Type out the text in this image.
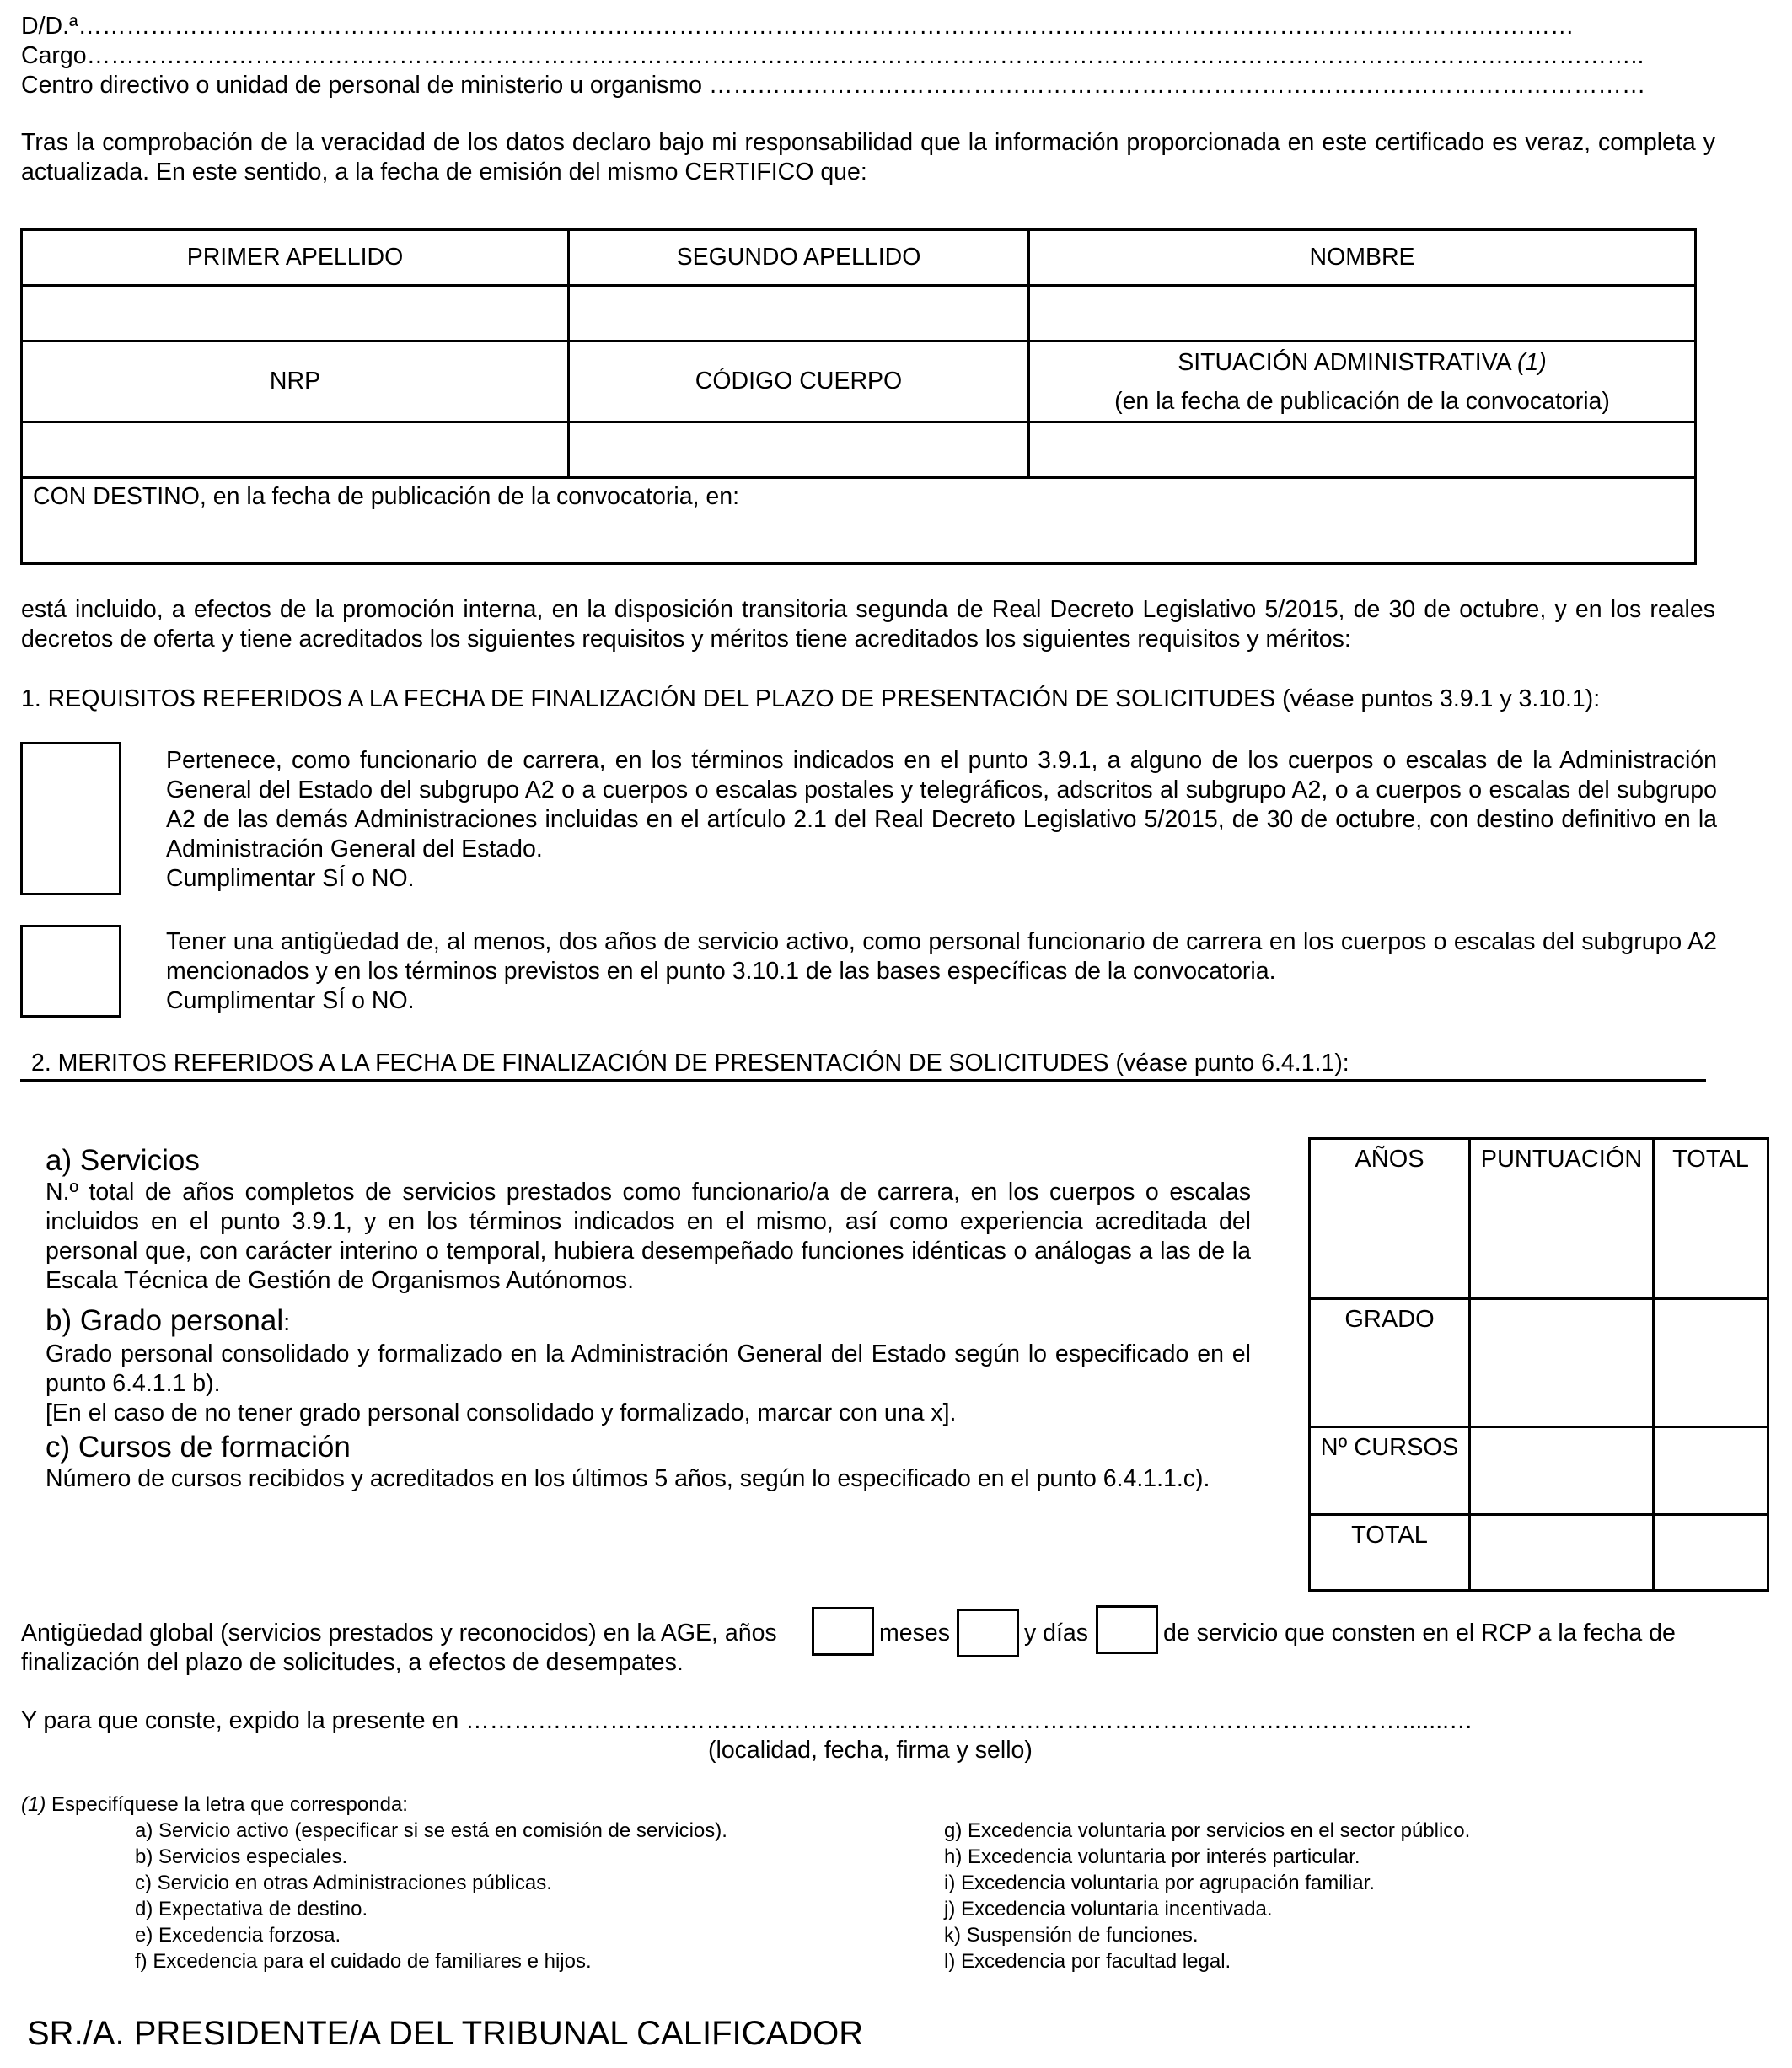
D/D.ª………………………………………………………………………………………………………………………………………………………….…………
Cargo…………………………………………………………………………………………………………………………………………………………….……………..
Centro directivo o unidad de personal de ministerio u organismo ………………………………………………………………………………………………………
Tras la comprobación de la veracidad de los datos declaro bajo mi responsabilidad que la información proporcionada en este certificado es veraz, completa y actualizada. En este sentido, a la fecha de emisión del mismo CERTIFICO que:
PRIMER APELLIDO	SEGUNDO APELLIDO	NOMBRE

NRP	CÓDIGO CUERPO	SITUACIÓN ADMINISTRATIVA (1)
(en la fecha de publicación de la convocatoria)

CON DESTINO, en la fecha de publicación de la convocatoria, en:		
está incluido, a efectos de la promoción interna, en la disposición transitoria segunda de Real Decreto Legislativo 5/2015, de 30 de octubre, y en los reales decretos de oferta y tiene acreditados los siguientes requisitos y méritos tiene acreditados los siguientes requisitos y méritos:
1. REQUISITOS REFERIDOS A LA FECHA DE FINALIZACIÓN DEL PLAZO DE PRESENTACIÓN DE SOLICITUDES (véase puntos 3.9.1 y 3.10.1):
Pertenece, como funcionario de carrera, en los términos indicados en el punto 3.9.1, a alguno de los cuerpos o escalas de la Administración General del Estado del subgrupo A2 o a cuerpos o escalas postales y telegráficos, adscritos al subgrupo A2, o a cuerpos o escalas del subgrupo A2 de las demás Administraciones incluidas en el artículo 2.1 del Real Decreto Legislativo 5/2015, de 30 de octubre, con destino definitivo en la Administración General del Estado.
Cumplimentar SÍ o NO.
Tener una antigüedad de, al menos, dos años de servicio activo, como personal funcionario de carrera en los cuerpos o escalas del subgrupo A2 mencionados y en los términos previstos en el punto 3.10.1 de las bases específicas de la convocatoria.
Cumplimentar SÍ o NO.
2. MERITOS REFERIDOS A LA FECHA DE FINALIZACIÓN DE PRESENTACIÓN DE SOLICITUDES (véase punto 6.4.1.1):
a) Servicios
N.º total de años completos de servicios prestados como funcionario/a de carrera, en los cuerpos o escalas incluidos en el punto 3.9.1, y en los términos indicados en el mismo, así como experiencia acreditada del personal que, con carácter interino o temporal, hubiera desempeñado funciones idénticas o análogas a las de la Escala Técnica de Gestión de Organismos Autónomos.
b) Grado personal:
Grado personal consolidado y formalizado en la Administración General del Estado según lo especificado en el punto 6.4.1.1 b).
[En el caso de no tener grado personal consolidado y formalizado, marcar con una x].
c) Cursos de formación
Número de cursos recibidos y acreditados en los últimos 5 años, según lo especificado en el punto 6.4.1.1.c).
AÑOS	PUNTUACIÓN	TOTAL
GRADO		
Nº CURSOS		
TOTAL		
Antigüedad global (servicios prestados y reconocidos) en la AGE, años	meses	y días	de servicio que consten en el RCP a la fecha de
finalización del plazo de solicitudes, a efectos de desempates.
Y para que conste, expido la presente en ……………………………………………………………………………………………………….......…
(localidad, fecha, firma y sello)
(1) Especifíquese la letra que corresponda:
a) Servicio activo (especificar si se está en comisión de servicios).
b) Servicios especiales.
c) Servicio en otras Administraciones públicas.
d) Expectativa de destino.
e) Excedencia forzosa.
f) Excedencia para el cuidado de familiares e hijos.
g) Excedencia voluntaria por servicios en el sector público.
h) Excedencia voluntaria por interés particular.
i) Excedencia voluntaria por agrupación familiar.
j) Excedencia voluntaria incentivada.
k) Suspensión de funciones.
l) Excedencia por facultad legal.
SR./A. PRESIDENTE/A DEL TRIBUNAL CALIFICADOR
